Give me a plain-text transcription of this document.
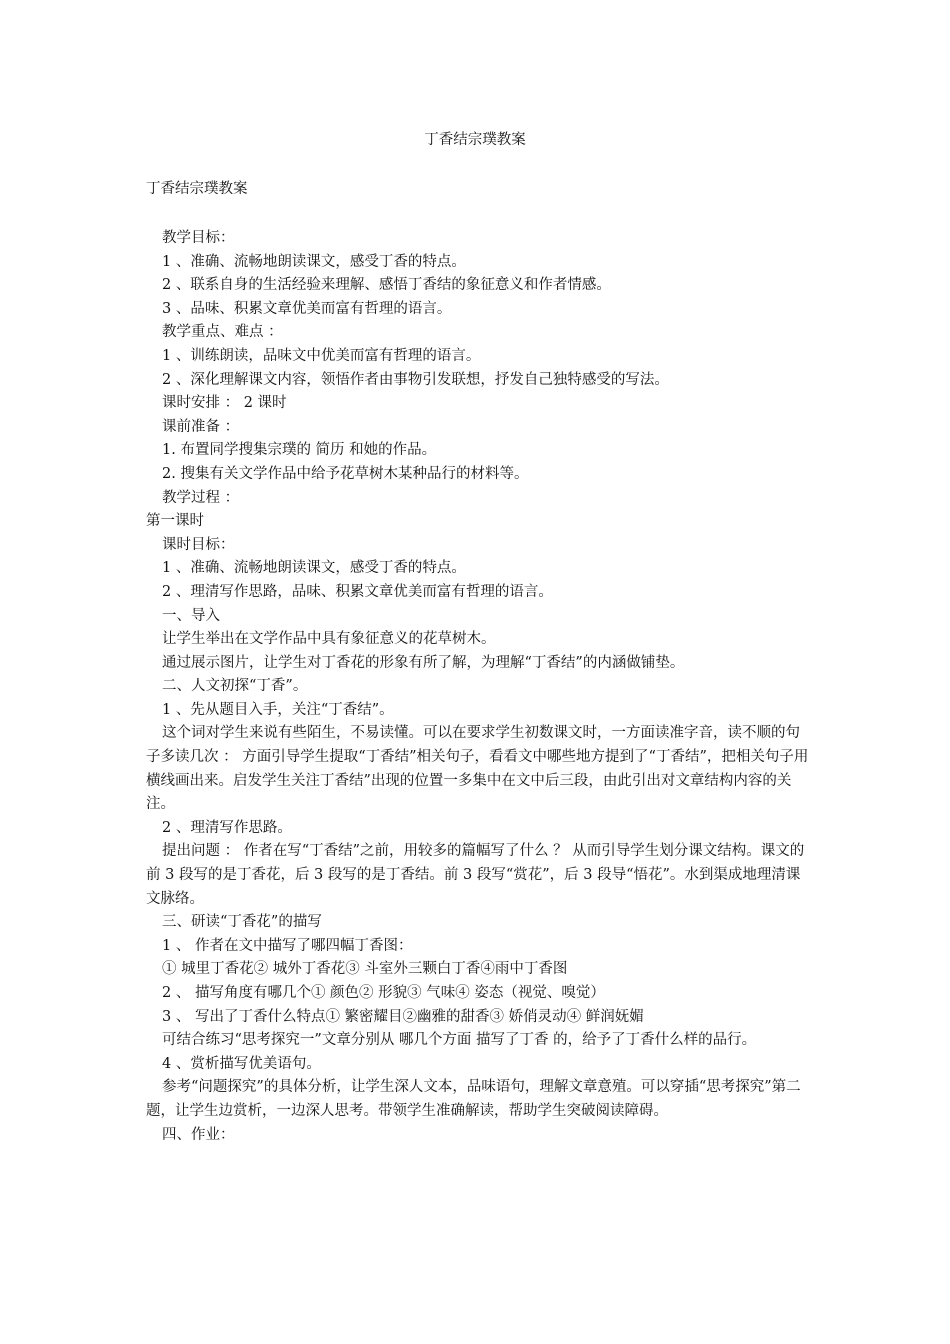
丁香结宗璞教案
丁香结宗璞教案

教学目标：

1 、准确、流畅地朗读课文，感受丁香的特点。

2 、联系自身的生活经验来理解、感悟丁香结的象征意义和作者情感。

3 、品味、积累文章优美而富有哲理的语言。

教学重点、难点 ：

1 、训练朗读，品味文中优美而富有哲理的语言。

2 、深化理解课文内容，领悟作者由事物引发联想，抒发自己独特感受的写法。

课时安排 ： 2 课时

课前准备 ：

1. 布置同学搜集宗璞的 简历 和她的作品。

2. 搜集有关文学作品中给予花草树木某种品行的材料等。

教学过程 ：

第一课时

课时目标：

1 、准确、流畅地朗读课文，感受丁香的特点。

2 、理清写作思路，品味、积累文章优美而富有哲理的语言。

一、导入

让学生举出在文学作品中具有象征意义的花草树木。

通过展示图片，让学生对丁香花的形象有所了解，为理解“丁香结”的内涵做铺垫。

二、人文初探“丁香”。

1 、先从题目入手，关注“丁香结”。

这个词对学生来说有些陌生，不易读懂。可以在要求学生初数课文时，一方面读准字音，读不顺的句子多读几次 ： 方面引导学生提取“丁香结”相关句子，看看文中哪些地方提到了“丁香结”，把相关句子用横线画出来。启发学生关注丁香结”出现的位置一多集中在文中后三段，由此引出对文章结构内容的关注。

2 、理清写作思路。

提出问题 ： 作者在写“丁香结”之前，用较多的篇幅写了什么 ？ 从而引导学生划分课文结构。课文的前 3 段写的是丁香花，后 3 段写的是丁香结。前 3 段写“赏花”，后 3 段导“悟花”。水到渠成地理清课文脉络。

三、研读“丁香花”的描写

1 、 作者在文中描写了哪四幅丁香图：

① 城里丁香花② 城外丁香花③ 斗室外三颗白丁香④雨中丁香图

2 、 描写角度有哪几个① 颜色② 形貌③ 气味④ 姿态（视觉、嗅觉）

3 、 写出了丁香什么特点① 繁密耀目②幽雅的甜香③ 娇俏灵动④ 鲜润妩媚

可结合练习“思考探究一”文章分别从 哪几个方面 描写了丁香 的，给予了丁香什么样的品行。

4 、赏析描写优美语句。

参考“问题探究”的具体分析，让学生深人文本，品味语句，理解文章意殖。可以穿插“思考探究”第二题，让学生边赏析，一边深人思考。带领学生准确解读，帮助学生突破阅读障碍。

四、作业：
